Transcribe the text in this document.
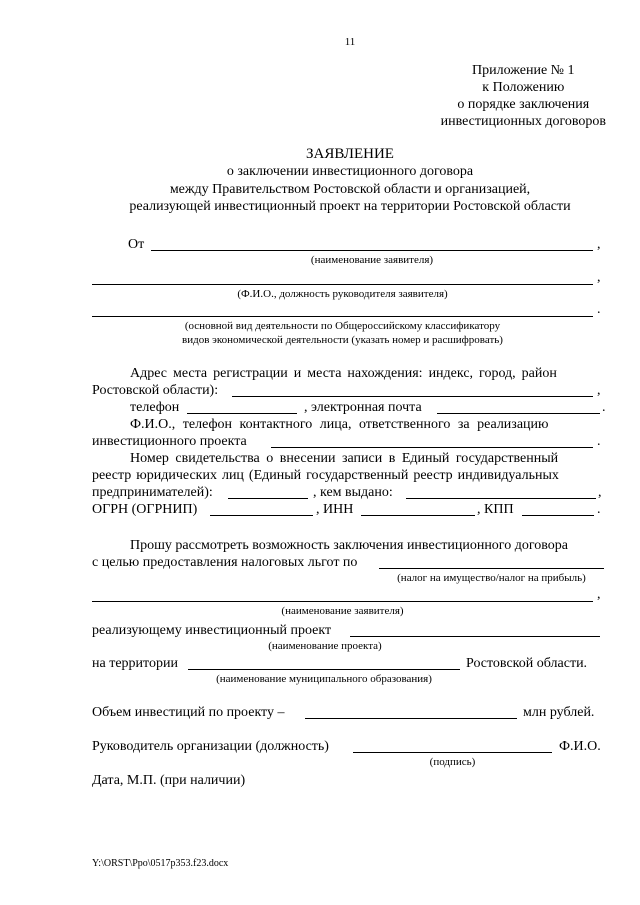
11
Приложение № 1
к Положению
о порядке заключения
инвестиционных договоров
ЗАЯВЛЕНИЕ
о заключении инвестиционного договора
между Правительством Ростовской области и организацией,
реализующей инвестиционный проект на территории Ростовской области
От	,
(наименование заявителя)
,
(Ф.И.О., должность руководителя заявителя)
.
(основной вид деятельности по Общероссийскому классификатору
видов экономической деятельности (указать номер и расшифровать)
Адрес места регистрации и места нахождения: индекс, город, район
Ростовской области):	,
телефон	, электронная почта	.
Ф.И.О., телефон контактного лица, ответственного за реализацию
инвестиционного проекта	.
Номер свидетельства о внесении записи в Единый государственный
реестр юридических лиц (Единый государственный реестр индивидуальных
предпринимателей):	, кем выдано:	,
ОГРН (ОГРНИП)	, ИНН	, КПП	.
Прошу рассмотреть возможность заключения инвестиционного договора
с целью предоставления налоговых льгот по
(налог на имущество/налог на прибыль)
,
(наименование заявителя)
реализующему инвестиционный проект
(наименование проекта)
на территории	Ростовской области.
(наименование муниципального образования)
Объем инвестиций по проекту –	млн рублей.
Руководитель организации (должность)	Ф.И.О.
(подпись)
Дата, М.П. (при наличии)
Y:\ORST\Ppo\0517p353.f23.docx
